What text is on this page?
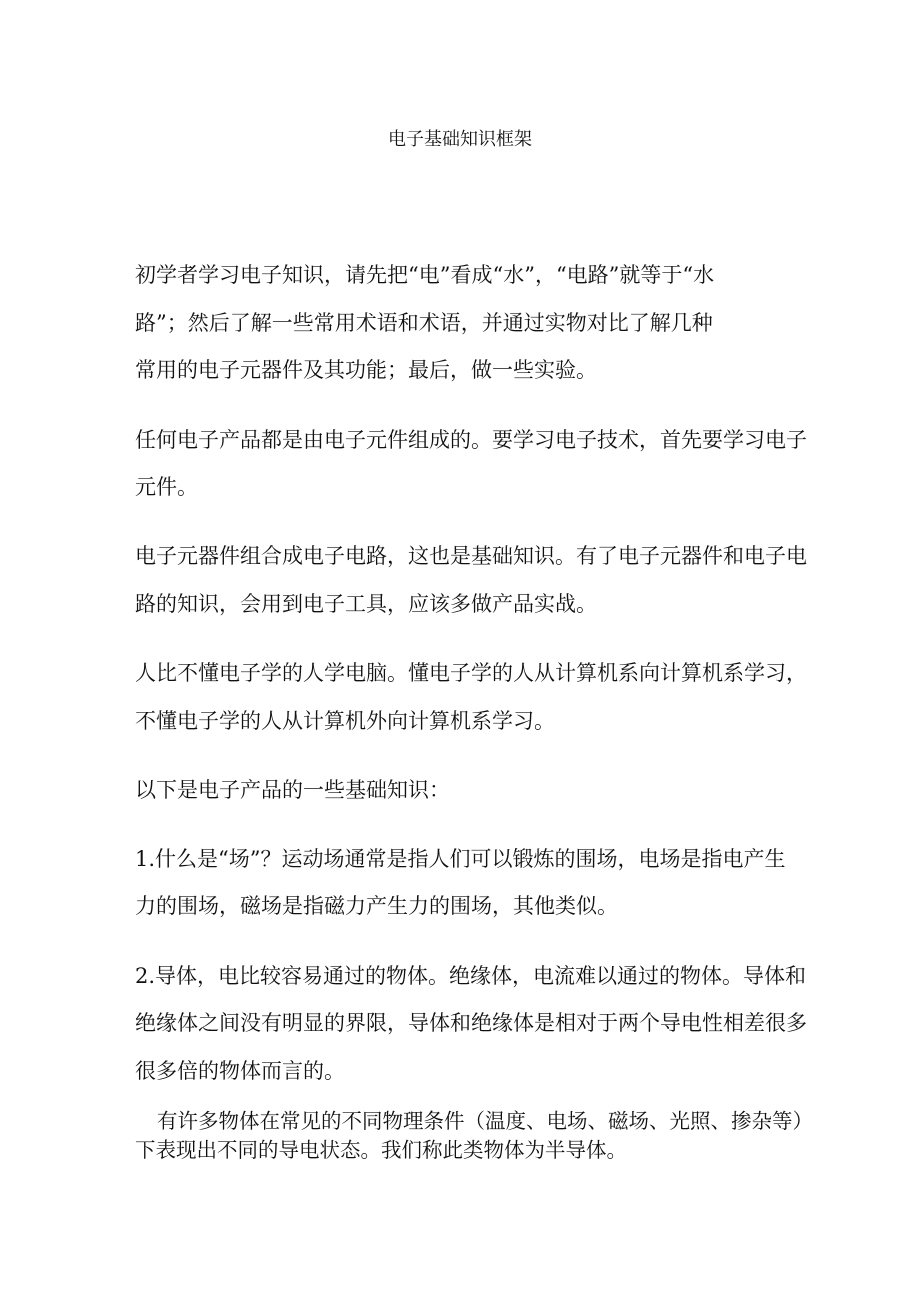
电子基础知识框架
初学者学习电子知识，请先把“电”看成“水”，“电路”就等于“水
路”；然后了解一些常用术语和术语，并通过实物对比了解几种
常用的电子元器件及其功能；最后，做一些实验。
任何电子产品都是由电子元件组成的。要学习电子技术，首先要学习电子
元件。
电子元器件组合成电子电路，这也是基础知识。有了电子元器件和电子电
路的知识，会用到电子工具，应该多做产品实战。
人比不懂电子学的人学电脑。懂电子学的人从计算机系向计算机系学习，
不懂电子学的人从计算机外向计算机系学习。
以下是电子产品的一些基础知识：
1.什么是“场”？运动场通常是指人们可以锻炼的围场，电场是指电产生
力的围场，磁场是指磁力产生力的围场，其他类似。
2.导体，电比较容易通过的物体。绝缘体，电流难以通过的物体。导体和
绝缘体之间没有明显的界限，导体和绝缘体是相对于两个导电性相差很多
很多倍的物体而言的。
有许多物体在常见的不同物理条件（温度、电场、磁场、光照、掺杂等）
下表现出不同的导电状态。我们称此类物体为半导体。
